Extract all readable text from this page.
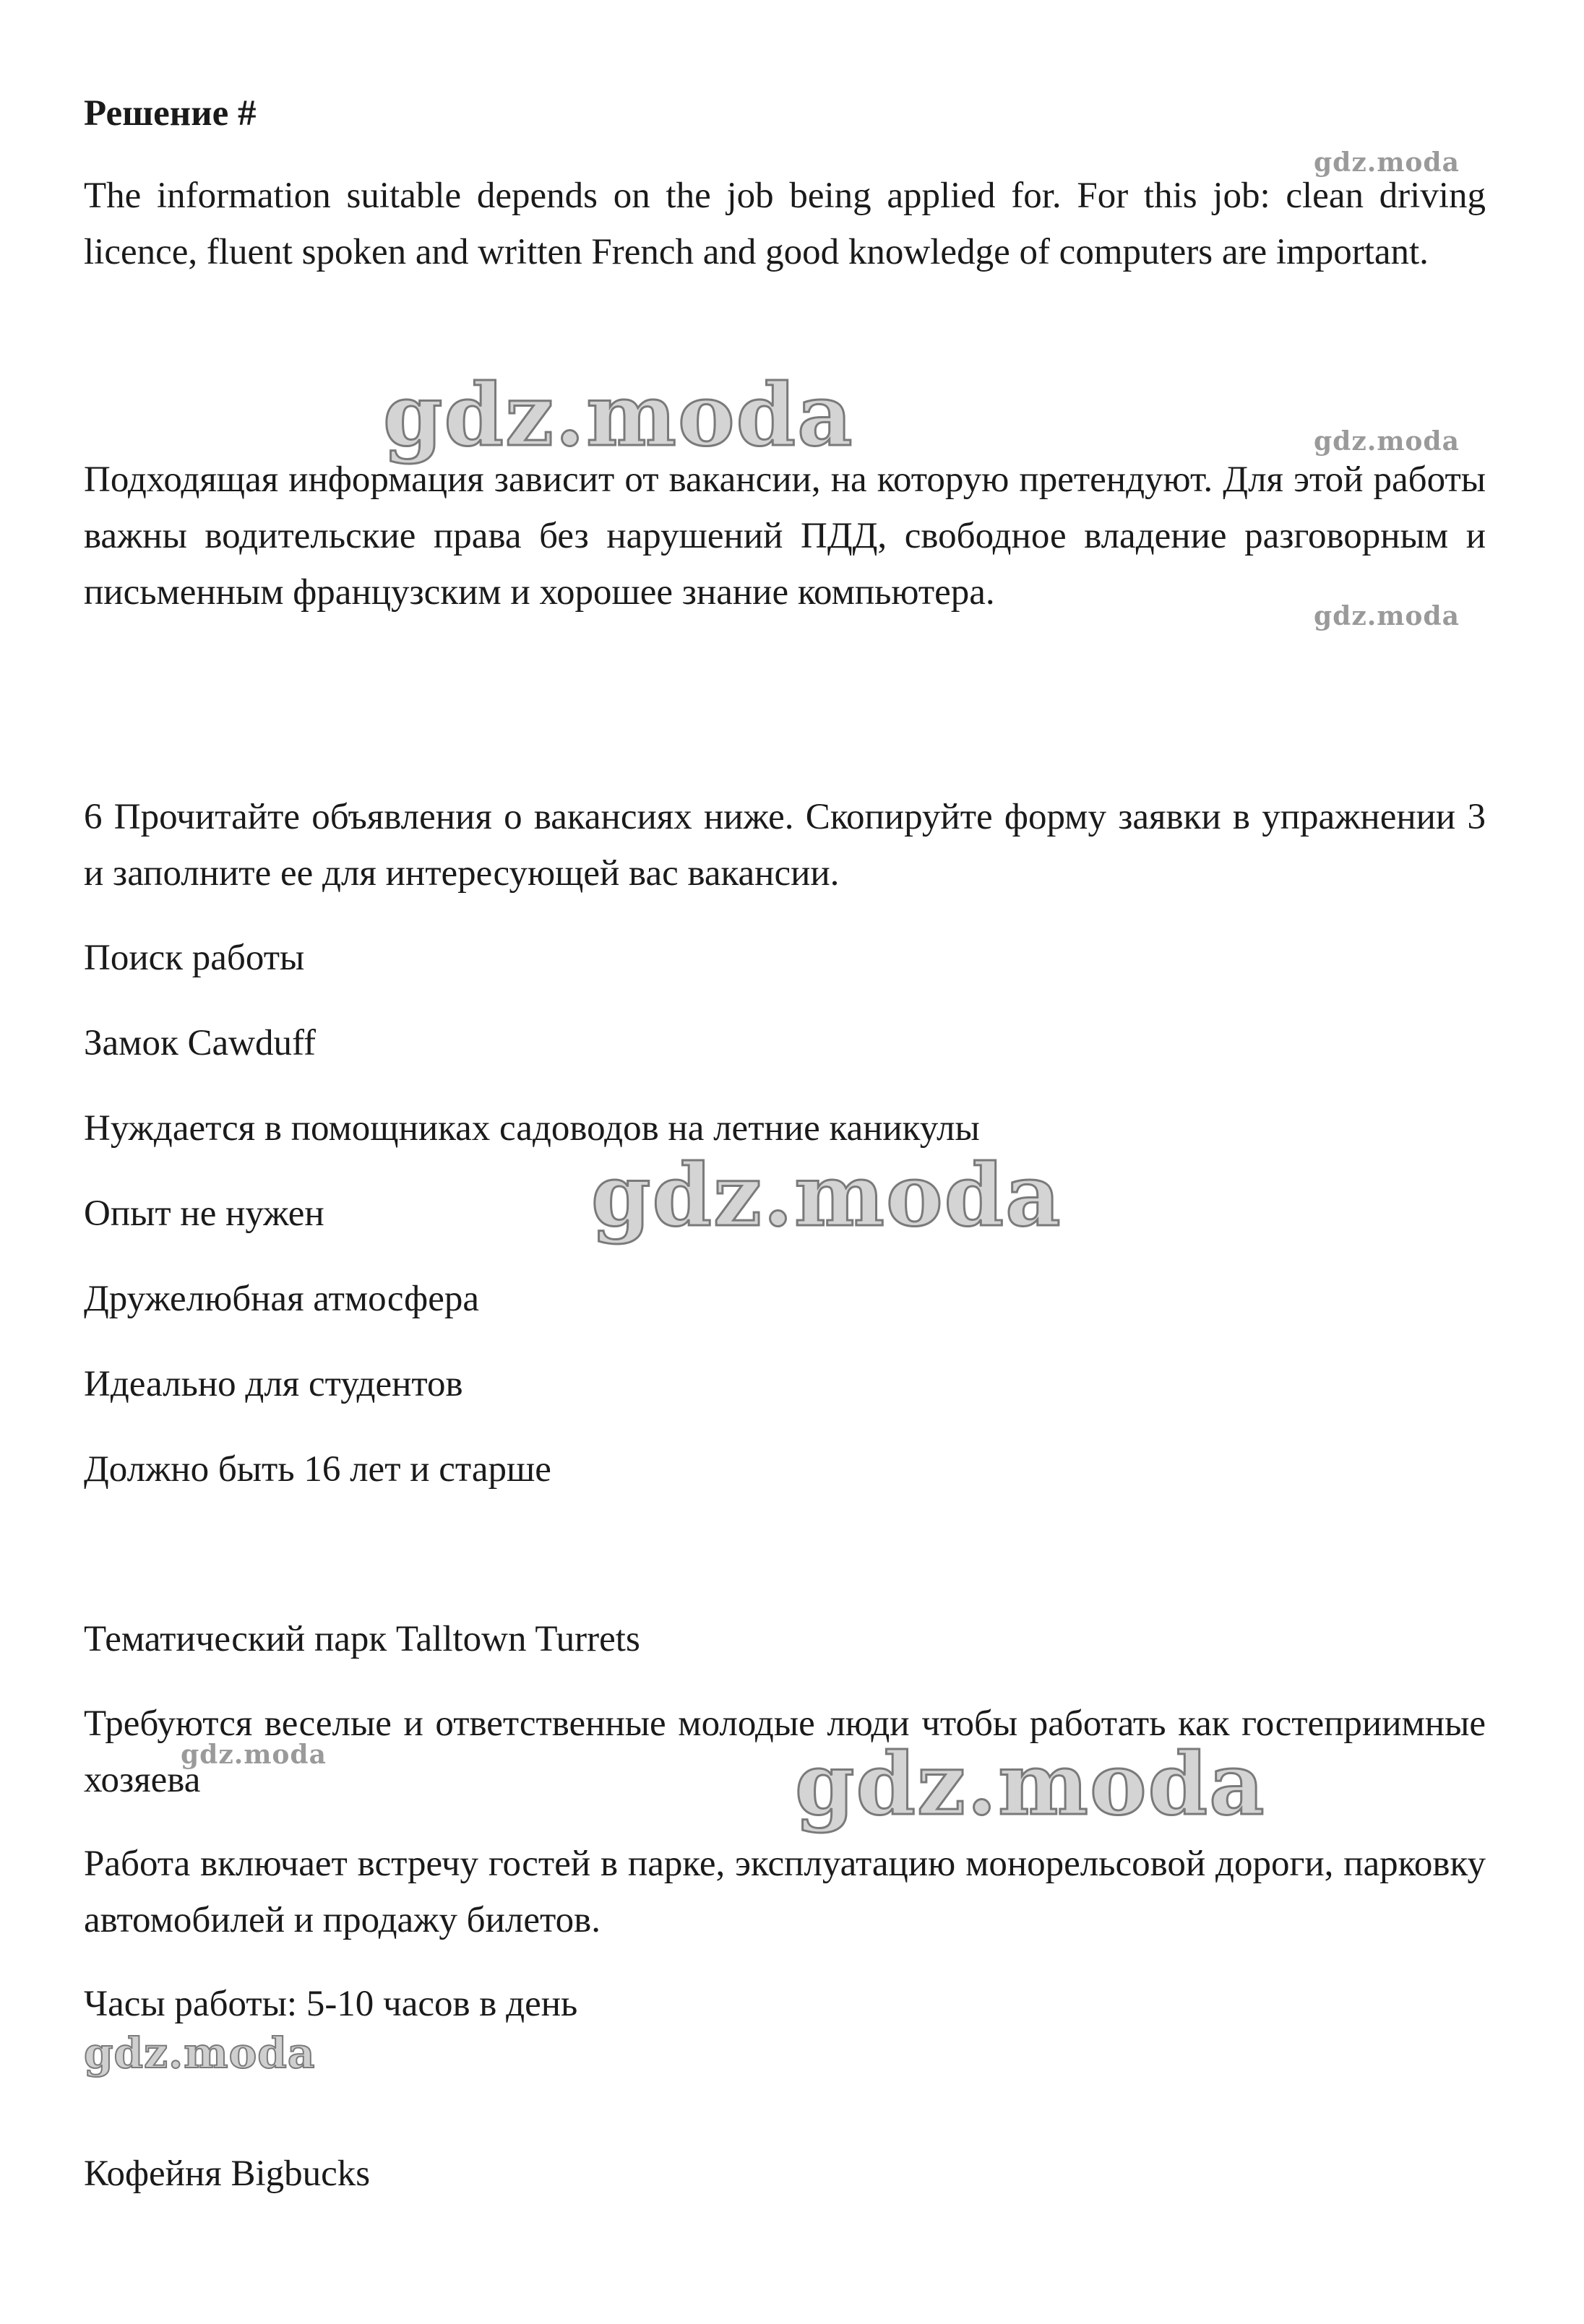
Решение #

The information suitable depends on the job being applied for. For this job: clean driving licence, fluent spoken and written French and good knowledge of computers are important.

Подходящая информация зависит от вакансии, на которую претендуют. Для этой работы важны водительские права без нарушений ПДД, свободное владение разговорным и письменным французским и хорошее знание компьютера.

6 Прочитайте объявления о вакансиях ниже. Скопируйте форму заявки в упражнении 3 и заполните ее для интересующей вас вакансии.

Поиск работы

Замок Cawduff

Нуждается в помощниках садоводов на летние каникулы

Опыт не нужен

Дружелюбная атмосфера

Идеально для студентов

Должно быть 16 лет и старше

Тематический парк Talltown Turrets

Требуются веселые и ответственные молодые люди чтобы работать как гостеприимные хозяева

Работа включает встречу гостей в парке, эксплуатацию монорельсовой дороги, парковку автомобилей и продажу билетов.

Часы работы: 5-10 часов в день

Кофейня Bigbucks

gdz.moda
gdz.moda	gdz.moda
gdz.moda
gdz.moda
gdz.moda	gdz.moda
gdz.moda
